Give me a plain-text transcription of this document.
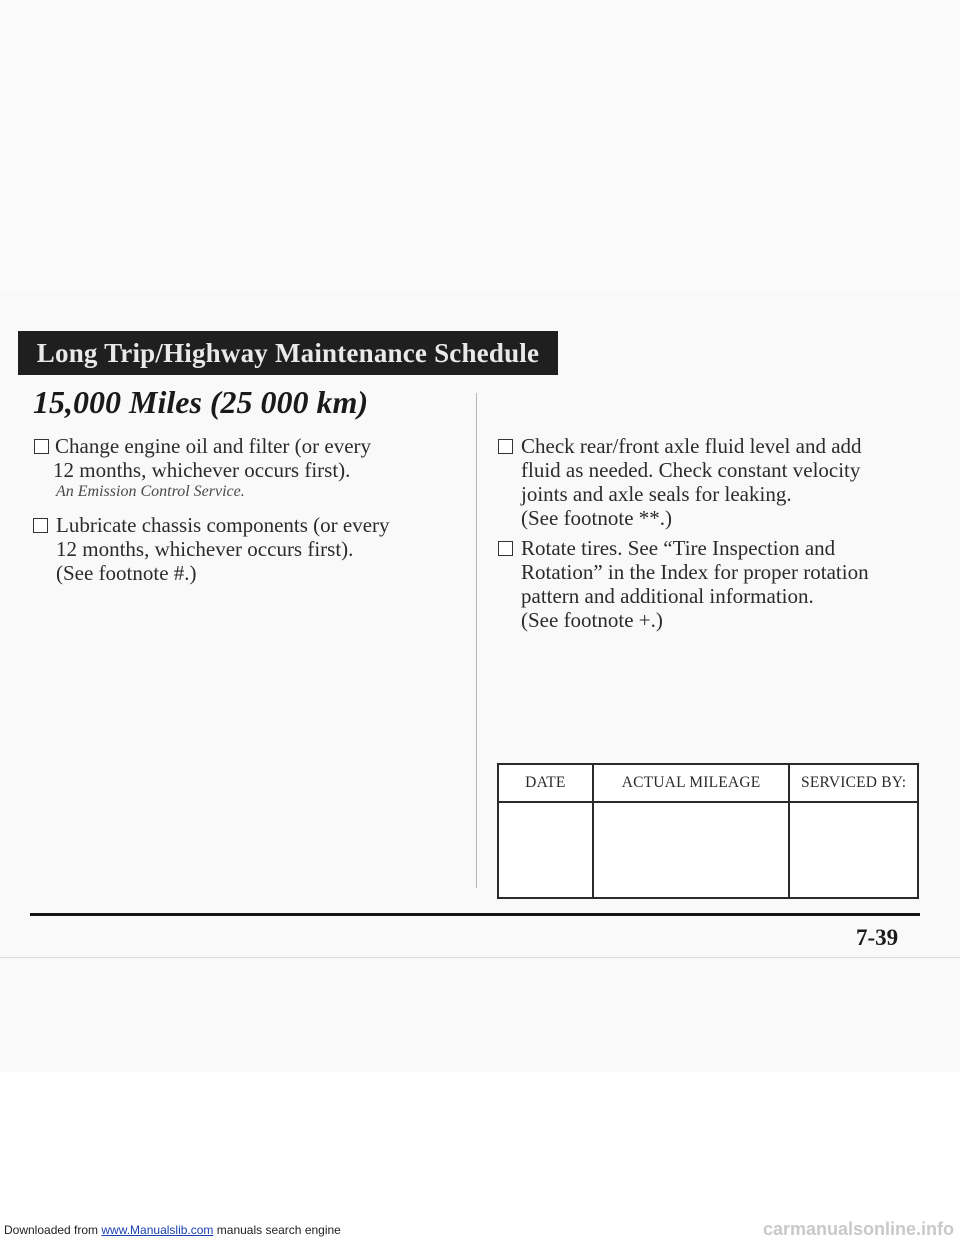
Long Trip/Highway Maintenance Schedule
15,000 Miles (25 000 km)
Change engine oil and filter (or every
12 months, whichever occurs first).
An Emission Control Service.
Lubricate chassis components (or every
12 months, whichever occurs first).
(See footnote #.)
Check rear/front axle fluid level and add
fluid as needed. Check constant velocity
joints and axle seals for leaking.
(See footnote **.)
Rotate tires. See “Tire Inspection and
Rotation” in the Index for proper rotation
pattern and additional information.
(See footnote +.)
DATE	ACTUAL MILEAGE	SERVICED BY:

7-39
Downloaded from www.Manualslib.com manuals search engine	carmanualsonline.info
